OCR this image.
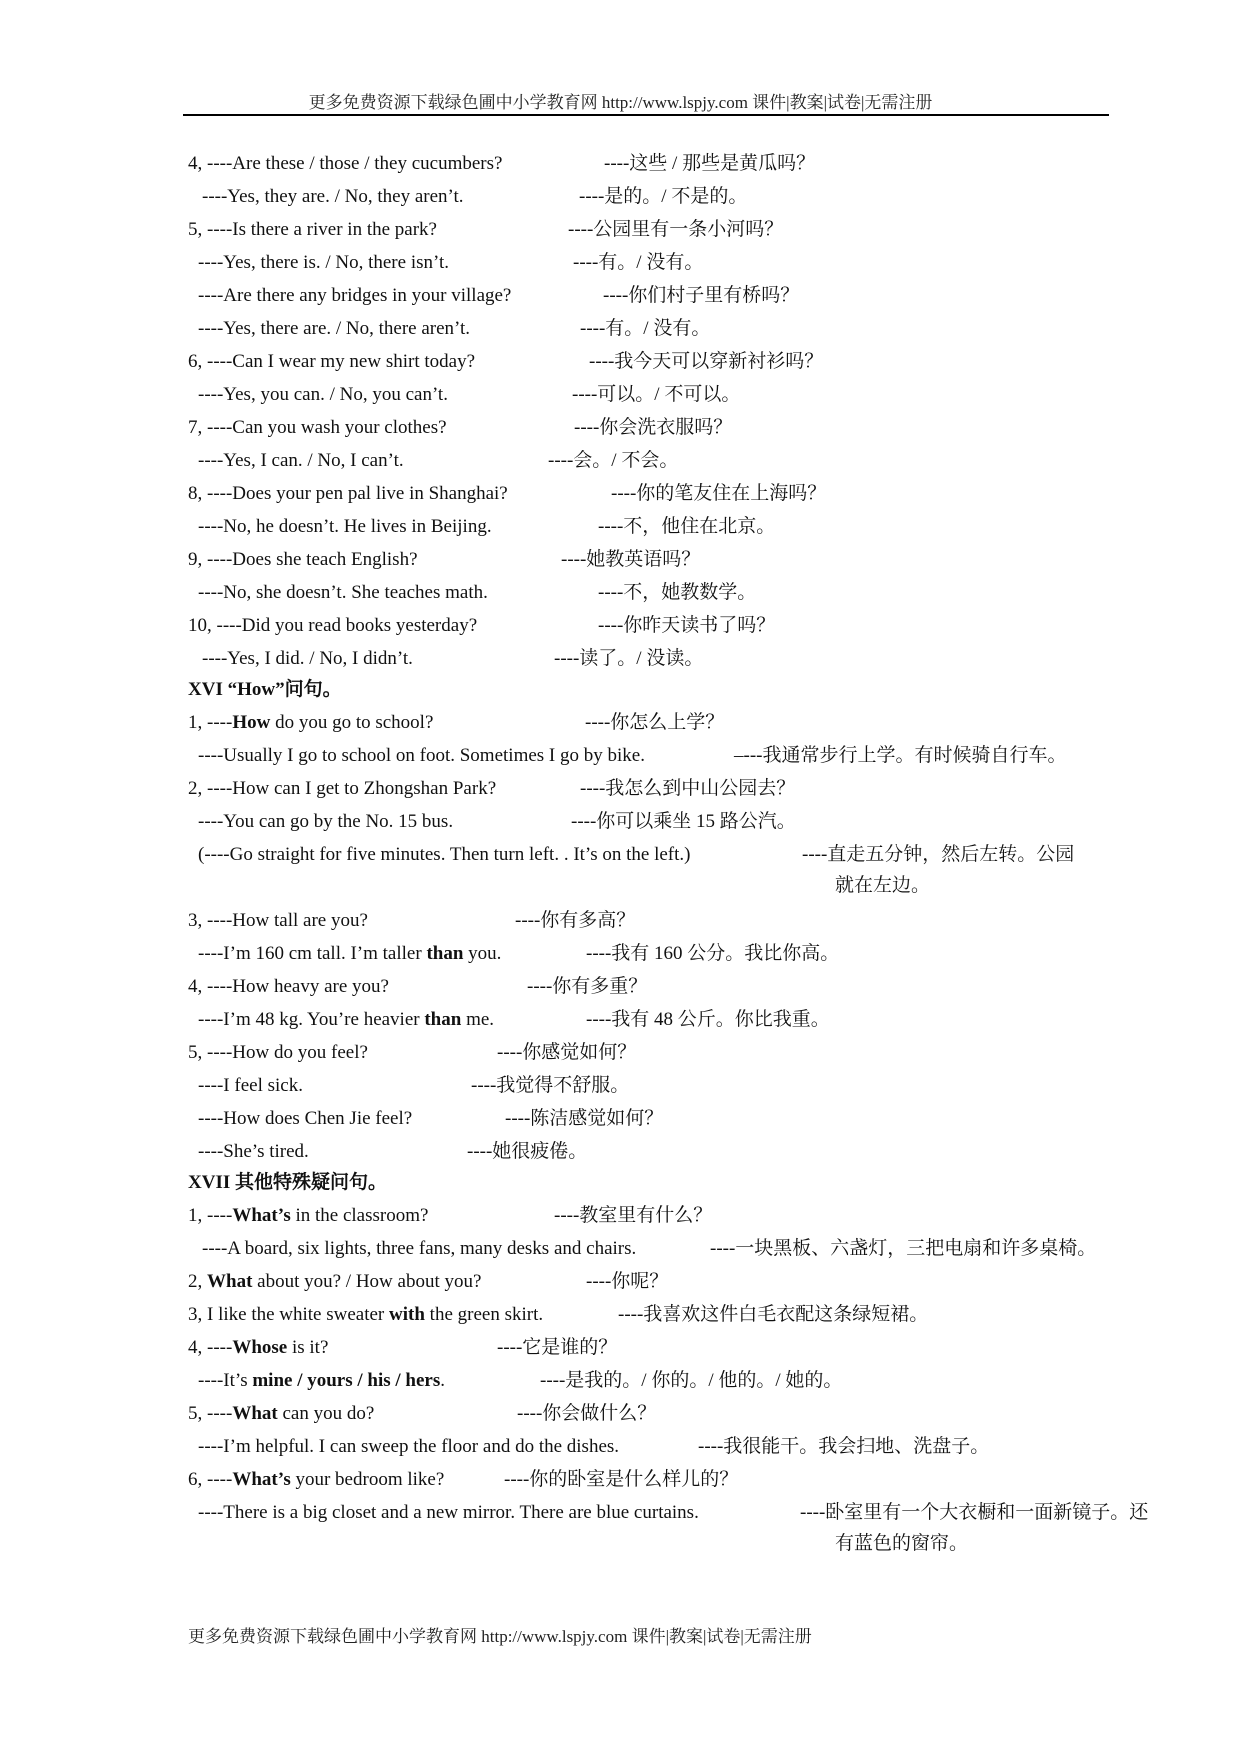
更多免费资源下载绿色圃中小学教育网 http://www.lspjy.com 课件|教案|试卷|无需注册
4, ----Are these / those / they cucumbers?	----这些 / 那些是黄瓜吗？
----Yes, they are. / No, they aren’t.	----是的。/ 不是的。
5, ----Is there a river in the park?	----公园里有一条小河吗？
----Yes, there is. / No, there isn’t.	----有。/ 没有。
----Are there any bridges in your village?	----你们村子里有桥吗？
----Yes, there are. / No, there aren’t.	----有。/ 没有。
6, ----Can I wear my new shirt today?	----我今天可以穿新衬衫吗？
----Yes, you can. / No, you can’t.	----可以。/ 不可以。
7, ----Can you wash your clothes?	----你会洗衣服吗？
----Yes, I can. / No, I can’t.	----会。/ 不会。
8, ----Does your pen pal live in Shanghai?	----你的笔友住在上海吗？
----No, he doesn’t. He lives in Beijing.	----不，他住在北京。
9, ----Does she teach English?	----她教英语吗？
----No, she doesn’t. She teaches math.	----不，她教数学。
10, ----Did you read books yesterday?	----你昨天读书了吗？
----Yes, I did. / No, I didn’t.	----读了。/ 没读。
XVI “How”问句。
1, ----How do you go to school?	----你怎么上学？
----Usually I go to school on foot. Sometimes I go by bike.	–---我通常步行上学。有时候骑自行车。
2, ----How can I get to Zhongshan Park?	----我怎么到中山公园去？
----You can go by the No. 15 bus.	----你可以乘坐 15 路公汽。
(----Go straight for five minutes. Then turn left. . It’s on the left.)	----直走五分钟，然后左转。公园
就在左边。
3, ----How tall are you?	----你有多高？
----I’m 160 cm tall. I’m taller than you.	----我有 160 公分。我比你高。
4, ----How heavy are you?	----你有多重？
----I’m 48 kg. You’re heavier than me.	----我有 48 公斤。你比我重。
5, ----How do you feel?	----你感觉如何？
----I feel sick.	----我觉得不舒服。
----How does Chen Jie feel?	----陈洁感觉如何？
----She’s tired.	----她很疲倦。
XVII 其他特殊疑问句。
1, ----What’s in the classroom?	----教室里有什么？
----A board, six lights, three fans, many desks and chairs.	----一块黑板、六盏灯，三把电扇和许多桌椅。
2, What about you? / How about you?	----你呢？
3, I like the white sweater with the green skirt.	----我喜欢这件白毛衣配这条绿短裙。
4, ----Whose is it?	----它是谁的？
----It’s mine / yours / his / hers.	----是我的。/ 你的。/ 他的。/ 她的。
5, ----What can you do?	----你会做什么？
----I’m helpful. I can sweep the floor and do the dishes.	----我很能干。我会扫地、洗盘子。
6, ----What’s your bedroom like?	----你的卧室是什么样儿的？
----There is a big closet and a new mirror. There are blue curtains.	----卧室里有一个大衣橱和一面新镜子。还
有蓝色的窗帘。
更多免费资源下载绿色圃中小学教育网 http://www.lspjy.com 课件|教案|试卷|无需注册
